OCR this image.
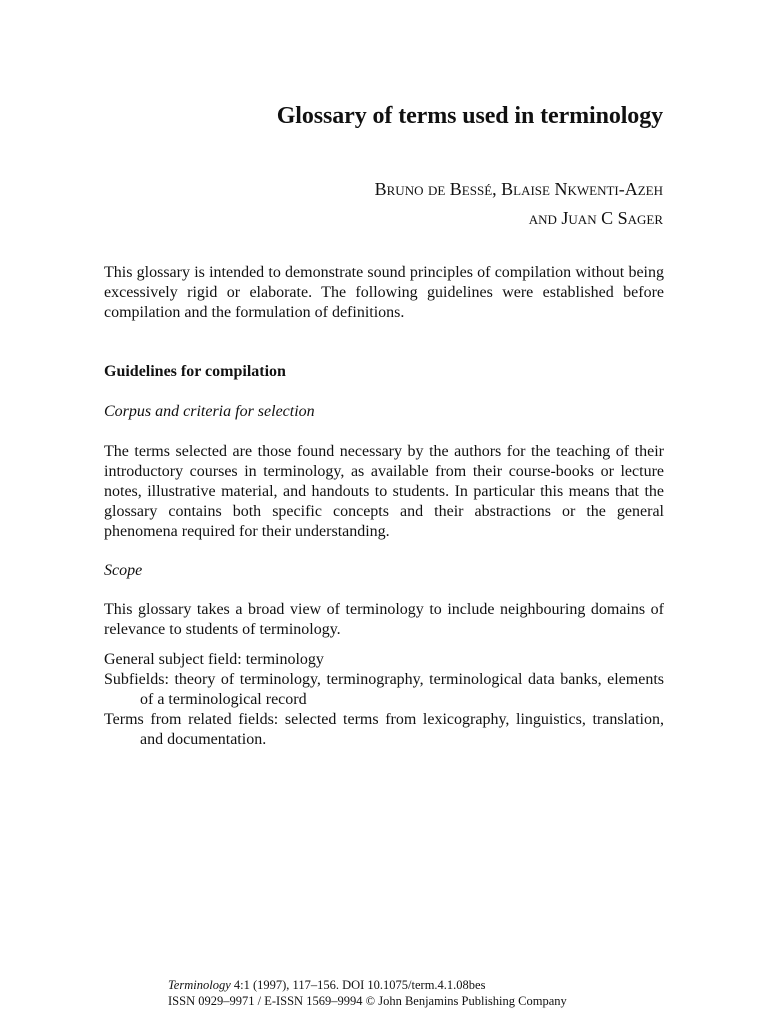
Glossary of terms used in terminology
Bruno de Bessé, Blaise Nkwenti-Azeh
and Juan C Sager
This glossary is intended to demonstrate sound principles of compilation without being excessively rigid or elaborate. The following guidelines were established before compilation and the formulation of definitions.
Guidelines for compilation
Corpus and criteria for selection
The terms selected are those found necessary by the authors for the teaching of their introductory courses in terminology, as available from their course-books or lecture notes, illustrative material, and handouts to students. In particular this means that the glossary contains both specific concepts and their abstractions or the general phenomena required for their understanding.
Scope
This glossary takes a broad view of terminology to include neighbouring domains of relevance to students of terminology.
General subject field: terminology
Subfields: theory of terminology, terminography, terminological data banks, elements of a terminological record
Terms from related fields: selected terms from lexicography, linguistics, translation, and documentation.
Terminology 4:1 (1997), 117–156. DOI 10.1075/term.4.1.08bes
ISSN 0929–9971 / E-ISSN 1569–9994 © John Benjamins Publishing Company
